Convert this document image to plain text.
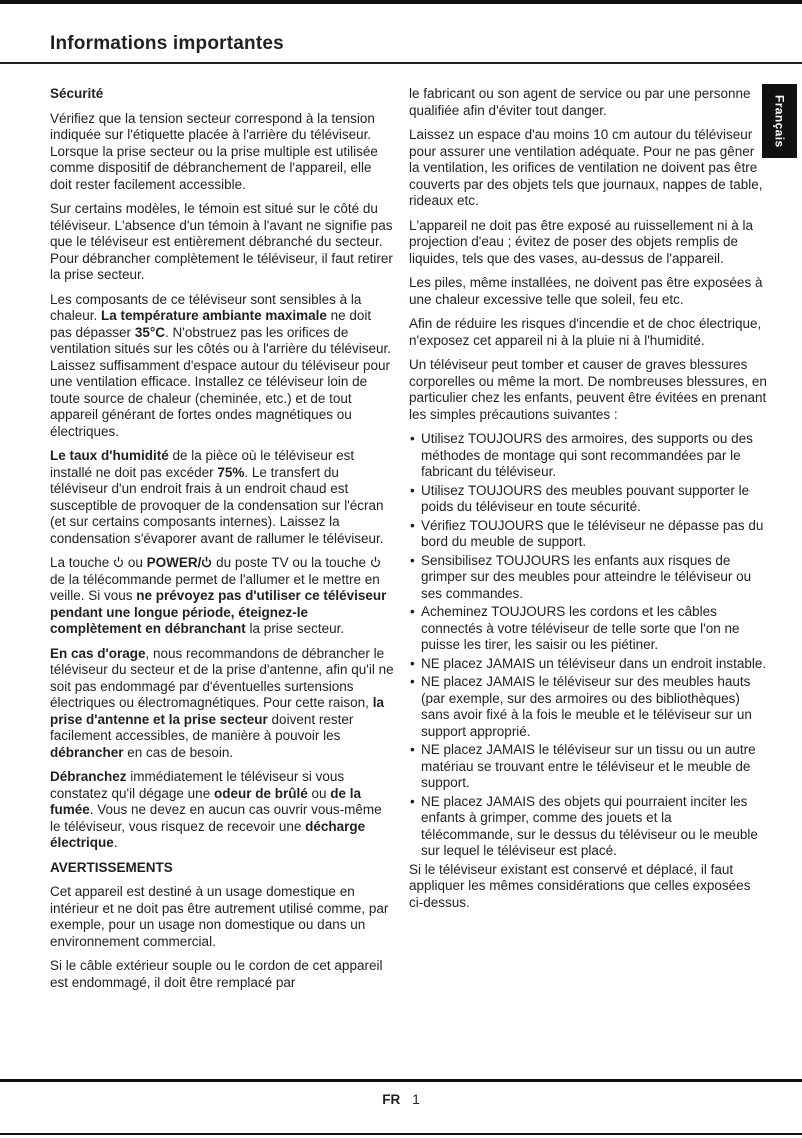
Informations importantes
Français
Sécurité

Vérifiez que la tension secteur correspond à la tension indiquée sur l'étiquette placée à l'arrière du téléviseur. Lorsque la prise secteur ou la prise multiple est utilisée comme dispositif de débranchement de l'appareil, elle doit rester facilement accessible.

Sur certains modèles, le témoin est situé sur le côté du téléviseur. L'absence d'un témoin à l'avant ne signifie pas que le téléviseur est entièrement débranché du secteur. Pour débrancher complètement le téléviseur, il faut retirer la prise secteur.

Les composants de ce téléviseur sont sensibles à la chaleur. La température ambiante maximale ne doit pas dépasser 35°C. N'obstruez pas les orifices de ventilation situés sur les côtés ou à l'arrière du téléviseur. Laissez suffisamment d'espace autour du téléviseur pour une ventilation efficace. Installez ce téléviseur loin de toute source de chaleur (cheminée, etc.) et de tout appareil générant de fortes ondes magnétiques ou électriques.

Le taux d'humidité de la pièce où le téléviseur est installé ne doit pas excéder 75%. Le transfert du téléviseur d'un endroit frais à un endroit chaud est susceptible de provoquer de la condensation sur l'écran (et sur certains composants internes). Laissez la condensation s'évaporer avant de rallumer le téléviseur.

La touche  ou POWER/ du poste TV ou la touche  de la télécommande permet de l'allumer et le mettre en veille. Si vous ne prévoyez pas d'utiliser ce téléviseur pendant une longue période, éteignez-le complètement en débranchant la prise secteur.

En cas d'orage, nous recommandons de débrancher le téléviseur du secteur et de la prise d'antenne, afin qu'il ne soit pas endommagé par d'éventuelles surtensions électriques ou électromagnétiques. Pour cette raison, la prise d'antenne et la prise secteur doivent rester facilement accessibles, de manière à pouvoir les débrancher en cas de besoin.

Débranchez immédiatement le téléviseur si vous constatez qu'il dégage une odeur de brûlé ou de la fumée. Vous ne devez en aucun cas ouvrir vous-même le téléviseur, vous risquez de recevoir une décharge électrique.

AVERTISSEMENTS

Cet appareil est destiné à un usage domestique en intérieur et ne doit pas être autrement utilisé comme, par exemple, pour un usage non domestique ou dans un environnement commercial.

Si le câble extérieur souple ou le cordon de cet appareil est endommagé, il doit être remplacé par

le fabricant ou son agent de service ou par une personne qualifiée afin d'éviter tout danger.

Laissez un espace d'au moins 10 cm autour du téléviseur pour assurer une ventilation adéquate. Pour ne pas gêner la ventilation, les orifices de ventilation ne doivent pas être couverts par des objets tels que journaux, nappes de table, rideaux etc.

L'appareil ne doit pas être exposé au ruissellement ni à la projection d'eau ; évitez de poser des objets remplis de liquides, tels que des vases, au-dessus de l'appareil.

Les piles, même installées, ne doivent pas être exposées à une chaleur excessive telle que soleil, feu etc.

Afin de réduire les risques d'incendie et de choc électrique, n'exposez cet appareil ni à la pluie ni à l'humidité.

Un téléviseur peut tomber et causer de graves blessures corporelles ou même la mort. De nombreuses blessures, en particulier chez les enfants, peuvent être évitées en prenant les simples précautions suivantes :

• Utilisez TOUJOURS des armoires, des supports ou des méthodes de montage qui sont recommandées par le fabricant du téléviseur.

• Utilisez TOUJOURS des meubles pouvant supporter le poids du téléviseur en toute sécurité.

• Vérifiez TOUJOURS que le téléviseur ne dépasse pas du bord du meuble de support.

• Sensibilisez TOUJOURS les enfants aux risques de grimper sur des meubles pour atteindre le téléviseur ou ses commandes.

• Acheminez TOUJOURS les cordons et les câbles connectés à votre téléviseur de telle sorte que l'on ne puisse les tirer, les saisir ou les piétiner.

• NE placez JAMAIS un téléviseur dans un endroit instable.

• NE placez JAMAIS le téléviseur sur des meubles hauts (par exemple, sur des armoires ou des bibliothèques) sans avoir fixé à la fois le meuble et le téléviseur sur un support approprié.

• NE placez JAMAIS le téléviseur sur un tissu ou un autre matériau se trouvant entre le téléviseur et le meuble de support.

• NE placez JAMAIS des objets qui pourraient inciter les enfants à grimper, comme des jouets et la télécommande, sur le dessus du téléviseur ou le meuble sur lequel le téléviseur est placé.

Si le téléviseur existant est conservé et déplacé, il faut appliquer les mêmes considérations que celles exposées ci-dessus.

FR 1
